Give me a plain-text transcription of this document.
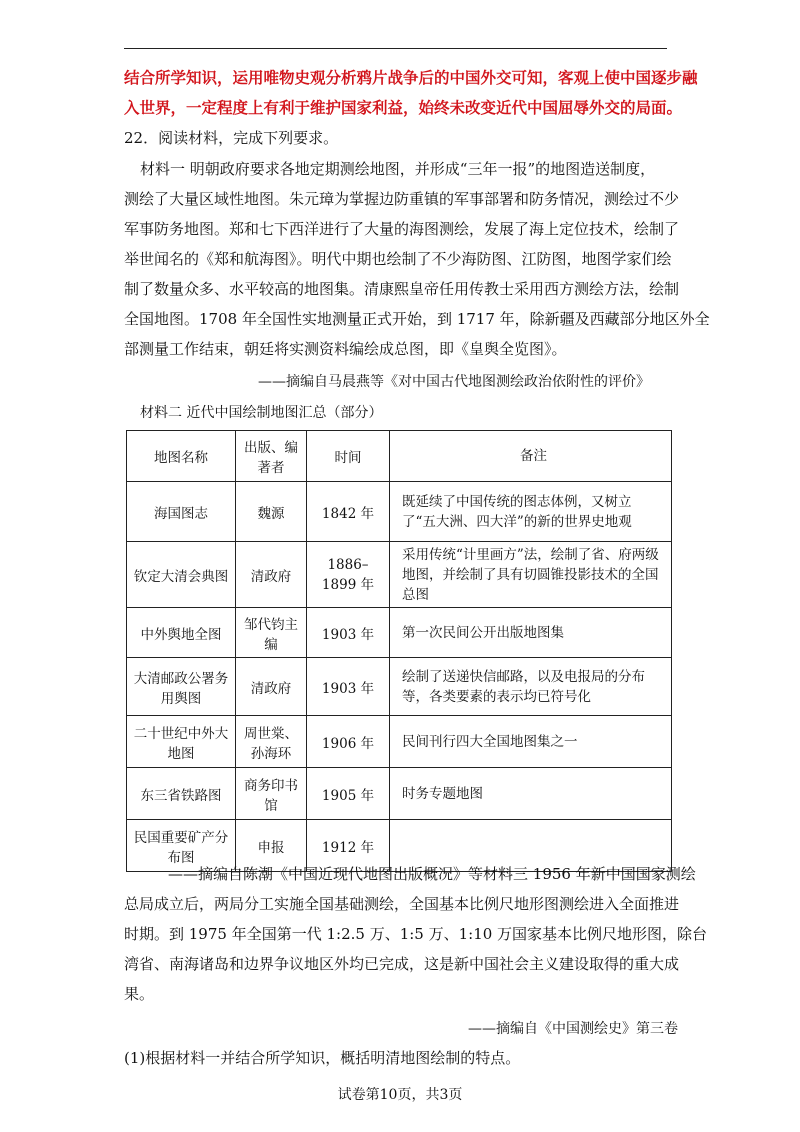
结合所学知识，运用唯物史观分析鸦片战争后的中国外交可知，客观上使中国逐步融
入世界，一定程度上有利于维护国家利益，始终未改变近代中国屈辱外交的局面。
22．阅读材料，完成下列要求。
材料一 明朝政府要求各地定期测绘地图，并形成“三年一报”的地图造送制度，
测绘了大量区域性地图。朱元璋为掌握边防重镇的军事部署和防务情况，测绘过不少
军事防务地图。郑和七下西洋进行了大量的海图测绘，发展了海上定位技术，绘制了
举世闻名的《郑和航海图》。明代中期也绘制了不少海防图、江防图，地图学家们绘
制了数量众多、水平较高的地图集。清康熙皇帝任用传教士采用西方测绘方法，绘制
全国地图。1708 年全国性实地测量正式开始，到 1717 年，除新疆及西藏部分地区外全
部测量工作结束，朝廷将实测资料编绘成总图，即《皇舆全览图》。
——摘编自马晨燕等《对中国古代地图测绘政治依附性的评价》
材料二 近代中国绘制地图汇总（部分）
地图名称	出版、编著者	时间	备注
海国图志	魏源	1842 年	既延续了中国传统的图志体例，又树立了“五大洲、四大洋”的新的世界史地观
钦定大清会典图	清政府	1886–1899 年	采用传统“计里画方”法，绘制了省、府两级地图，并绘制了具有切圆锥投影技术的全国总图
中外舆地全图	邹代钧主编	1903 年	第一次民间公开出版地图集
大清邮政公署务用舆图	清政府	1903 年	绘制了送递快信邮路，以及电报局的分布等，各类要素的表示均已符号化
二十世纪中外大地图	周世棠、孙海环	1906 年	民间刊行四大全国地图集之一
东三省铁路图	商务印书馆	1905 年	时务专题地图
民国重要矿产分布图	申报	1912 年	
——摘编自陈潮《中国近现代地图出版概况》等材料三 1956 年新中国国家测绘
总局成立后，两局分工实施全国基础测绘，全国基本比例尺地形图测绘进入全面推进
时期。到 1975 年全国第一代 1:2.5 万、1:5 万、1:10 万国家基本比例尺地形图，除台
湾省、南海诸岛和边界争议地区外均已完成，这是新中国社会主义建设取得的重大成
果。
——摘编自《中国测绘史》第三卷
(1)根据材料一并结合所学知识，概括明清地图绘制的特点。
试卷第10页，共3页
